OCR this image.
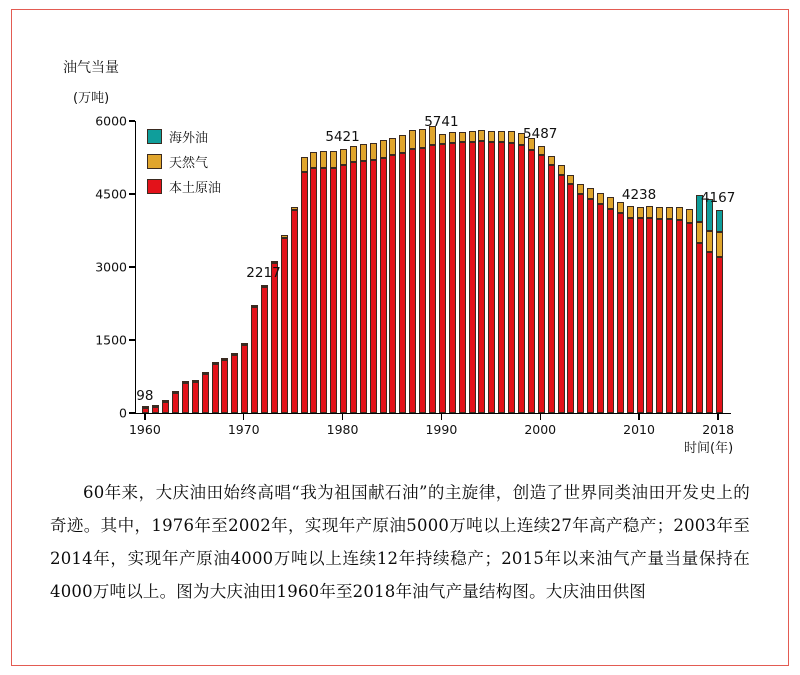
油气当量
(万吨)
时间(年)
海外油
天然气
本土原油
0
1500
3000
4500
6000
1960	1970	1980	1990	2000	2010	2018
98
2217
5421
5741
5487
4238	4167
60年来，大庆油田始终高唱“我为祖国献石油”的主旋律，创造了世界同类油田开发史上的奇迹。其中，1976年至2002年，实现年产原油5000万吨以上连续27年高产稳产；2003年至2014年，实现年产原油4000万吨以上连续12年持续稳产；2015年以来油气产量当量保持在4000万吨以上。图为大庆油田1960年至2018年油气产量结构图。大庆油田供图
